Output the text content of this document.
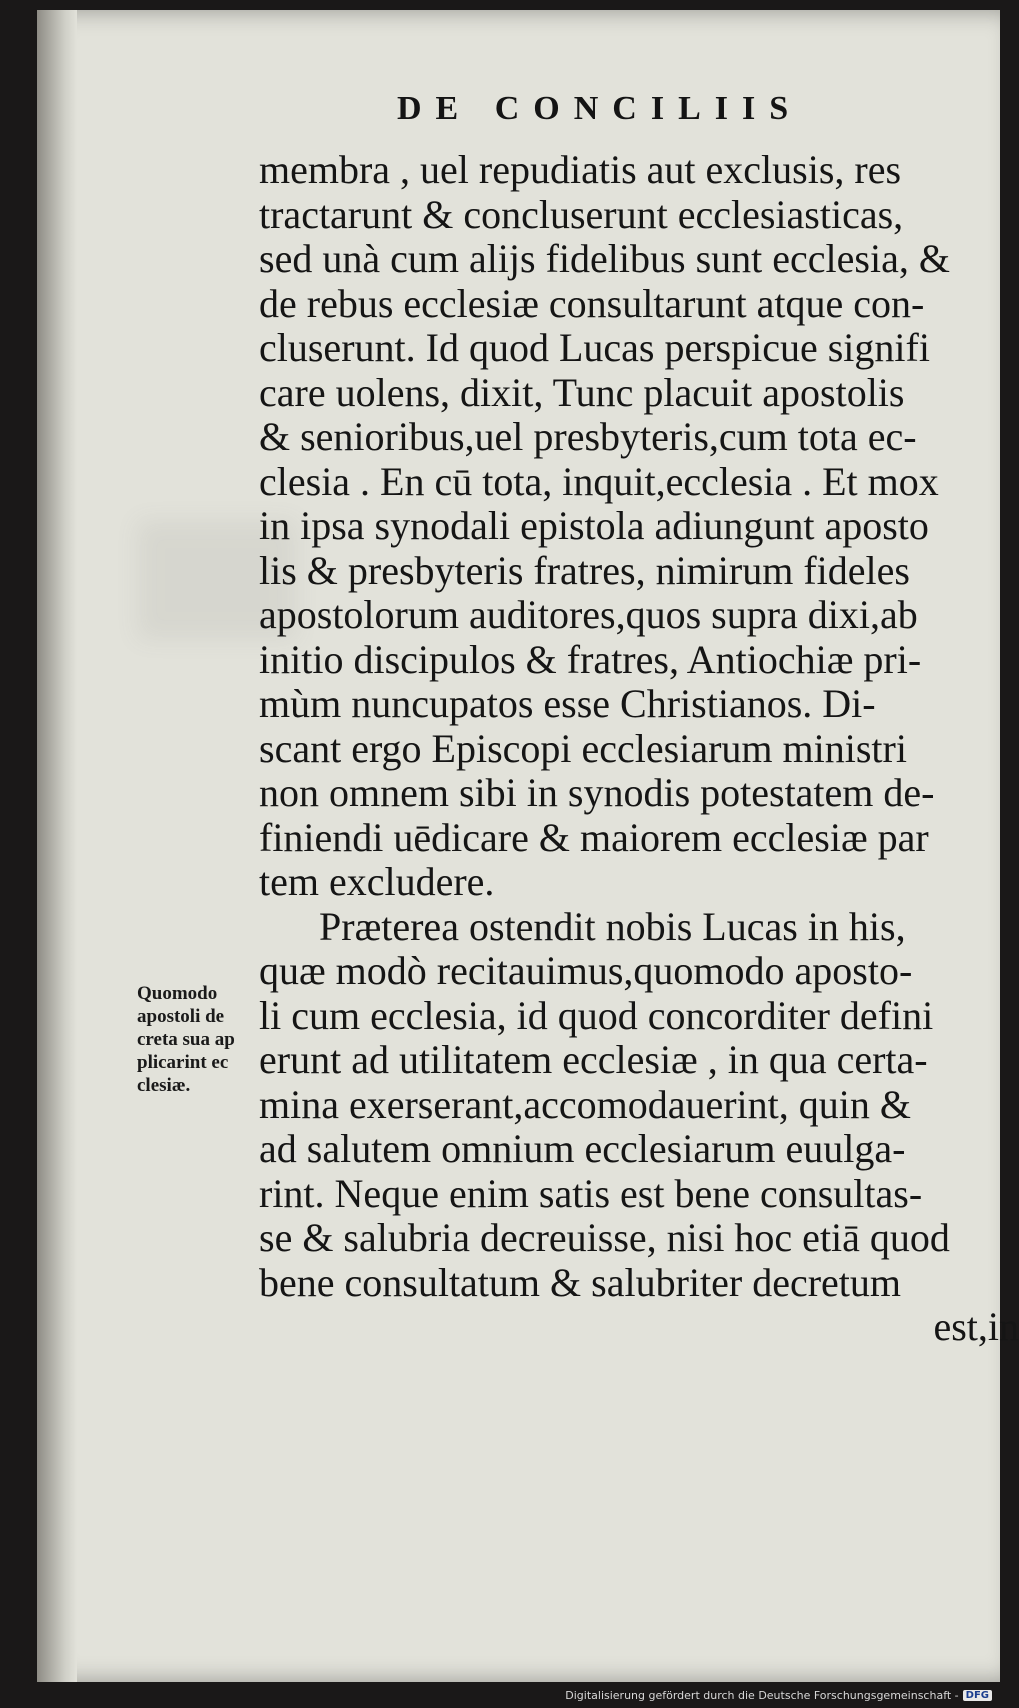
DE CONCILIIS
Quomodo
apostoli de
creta sua ap
plicarint ec
clesiæ.
membra , uel repudiatis aut exclusis, res
tractarunt & concluserunt ecclesiasticas,
sed unà cum alijs fidelibus sunt ecclesia, &
de rebus ecclesiæ consultarunt atque con-
cluserunt. Id quod Lucas perspicue signifi
care uolens, dixit, Tunc placuit apostolis
& senioribus,uel presbyteris,cum tota ec-
clesia . En cū tota, inquit,ecclesia . Et mox
in ipsa synodali epistola adiungunt aposto
lis & presbyteris fratres, nimirum fideles
apostolorum auditores,quos supra dixi,ab
initio discipulos & fratres, Antiochiæ pri-
mùm nuncupatos esse Christianos. Di-
scant ergo Episcopi ecclesiarum ministri
non omnem sibi in synodis potestatem de-
finiendi uēdicare & maiorem ecclesiæ par
tem excludere.
Præterea ostendit nobis Lucas in his,
quæ modò recitauimus,quomodo aposto-
li cum ecclesia, id quod concorditer defini
erunt ad utilitatem ecclesiæ , in qua certa-
mina exerserant,accomodauerint, quin &
ad salutem omnium ecclesiarum euulga-
rint. Neque enim satis est bene consultas-
se & salubria decreuisse, nisi hoc etiā quod
bene consultatum & salubriter decretum
est,in
Digitalisierung gefördert durch die Deutsche Forschungsgemeinschaft - DFG
